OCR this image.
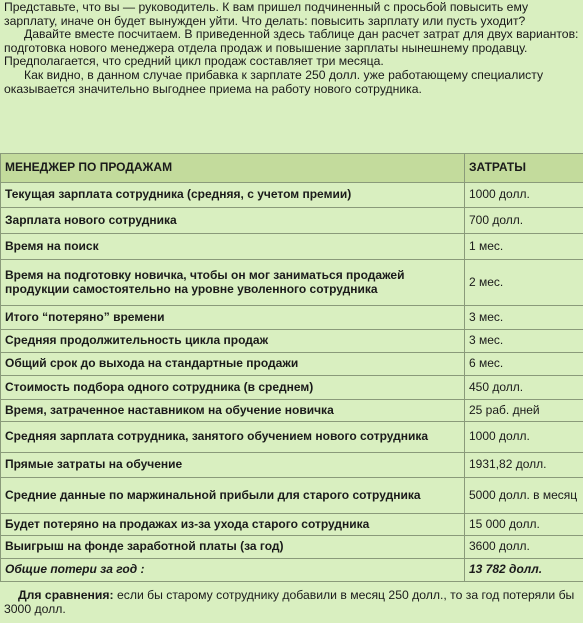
Представьте, что вы — руководитель. К вам пришел подчиненный с просьбой повысить ему зарплату, иначе он будет вынужден уйти. Что делать: повысить зарплату или пусть уходит?

Давайте вместе посчитаем. В приведенной здесь таблице дан расчет затрат для двух вариантов: подготовка нового менеджера отдела продаж и повышение зарплаты нынешнему продавцу. Предполагается, что средний цикл продаж составляет три месяца.

Как видно, в данном случае прибавка к зарплате 250 долл. уже работающему специалисту оказывается значительно выгоднее приема на работу нового сотрудника.

МЕНЕДЖЕР ПО ПРОДАЖАМ	ЗАТРАТЫ
Текущая зарплата сотрудника (средняя, с учетом премии)	1000 долл.
Зарплата нового сотрудника	700 долл.
Время на поиск	1 мес.
Время на подготовку новичка, чтобы он мог заниматься продажей продукции самостоятельно на уровне уволенного сотрудника	2 мес.
Итого “потеряно” времени	3 мес.
Средняя продолжительность цикла продаж	3 мес.
Общий срок до выхода на стандартные продажи	6 мес.
Стоимость подбора одного сотрудника (в среднем)	450 долл.
Время, затраченное наставником на обучение новичка	25 раб. дней
Средняя зарплата сотрудника, занятого обучением нового сотрудника	1000 долл.
Прямые затраты на обучение	1931,82 долл.
Средние данные по маржинальной прибыли для старого сотрудника	5000 долл. в месяц
Будет потеряно на продажах из-за ухода старого сотрудника	15 000 долл.
Выигрыш на фонде заработной платы (за год)	3600 долл.
Общие потери за год :	13 782 долл.
Для сравнения: если бы старому сотруднику добавили в месяц 250 долл., то за год потеряли бы 3000 долл.
